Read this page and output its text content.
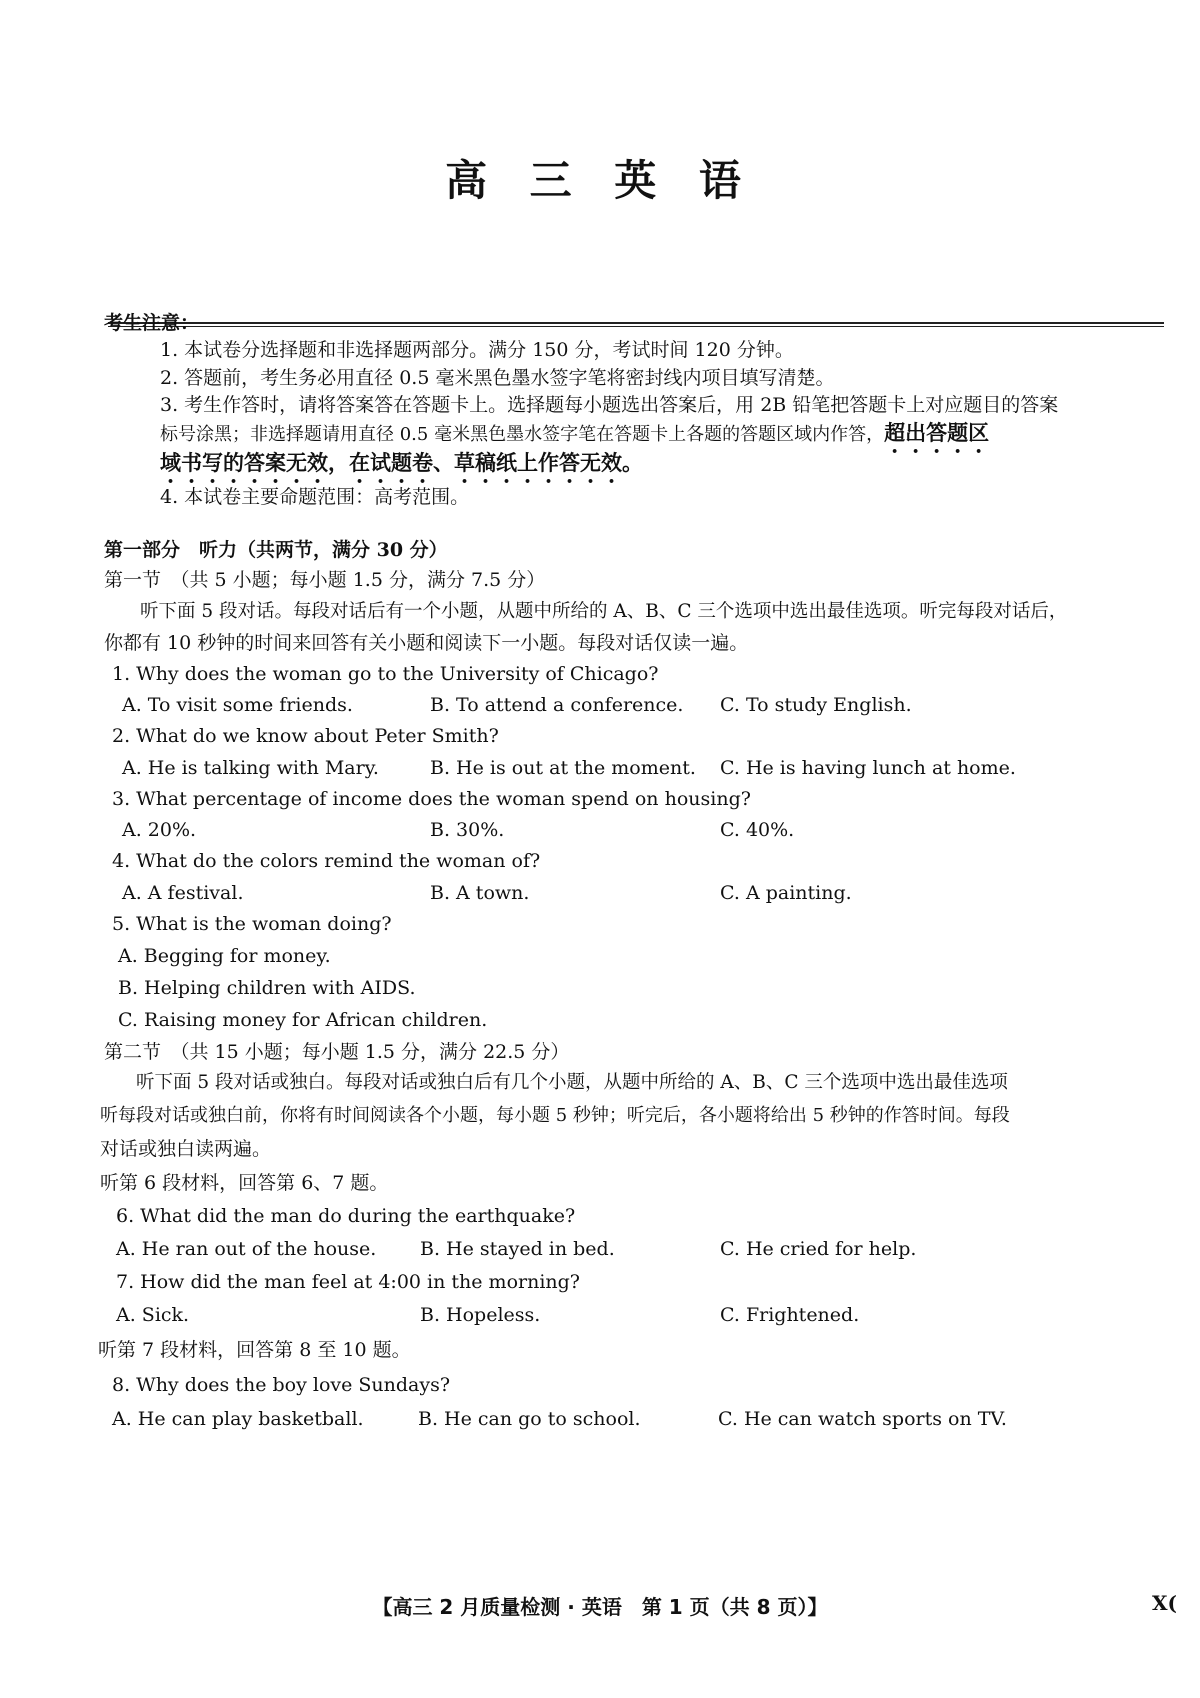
高 三 英 语
考生注意：
1. 本试卷分选择题和非选择题两部分。满分 150 分，考试时间 120 分钟。
2. 答题前，考生务必用直径 0.5 毫米黑色墨水签字笔将密封线内项目填写清楚。
3. 考生作答时，请将答案答在答题卡上。选择题每小题选出答案后，用 2B 铅笔把答题卡上对应题目的答案
标号涂黑；非选择题请用直径 0.5 毫米黑色墨水签字笔在答题卡上各题的答题区域内作答，超出答题区
域书写的答案无效，在试题卷、草稿纸上作答无效。
4. 本试卷主要命题范围：高考范围。
第一部分　听力（共两节，满分 30 分）
第一节　（共 5 小题；每小题 1.5 分，满分 7.5 分）
听下面 5 段对话。每段对话后有一个小题，从题中所给的 A、B、C 三个选项中选出最佳选项。听完每段对话后，
你都有 10 秒钟的时间来回答有关小题和阅读下一小题。每段对话仅读一遍。
1. Why does the woman go to the University of Chicago?
A. To visit some friends.	B. To attend a conference. C. To study English.
2. What do we know about Peter Smith?
A. He is talking with Mary.	B. He is out at the moment. C. He is having lunch at home.
3. What percentage of income does the woman spend on housing?
A. 20%.	B. 30%.	C. 40%.
4. What do the colors remind the woman of?
A. A festival.	B. A town.	C. A painting.
5. What is the woman doing?
A. Begging for money.
B. Helping children with AIDS.
C. Raising money for African children.
第二节　（共 15 小题；每小题 1.5 分，满分 22.5 分）
听下面 5 段对话或独白。每段对话或独白后有几个小题，从题中所给的 A、B、C 三个选项中选出最佳选项
听每段对话或独白前，你将有时间阅读各个小题，每小题 5 秒钟；听完后，各小题将给出 5 秒钟的作答时间。每段
对话或独白读两遍。
听第 6 段材料，回答第 6、7 题。
6. What did the man do during the earthquake?
A. He ran out of the house. B. He stayed in bed.	C. He cried for help.
7. How did the man feel at 4:00 in the morning?
A. Sick.	B. Hopeless.	C. Frightened.
听第 7 段材料，回答第 8 至 10 题。
8. Why does the boy love Sundays?
A. He can play basketball.	B. He can go to school.	C. He can watch sports on TV.
【高三 2 月质量检测 · 英语　第 1 页（共 8 页）】	X(
